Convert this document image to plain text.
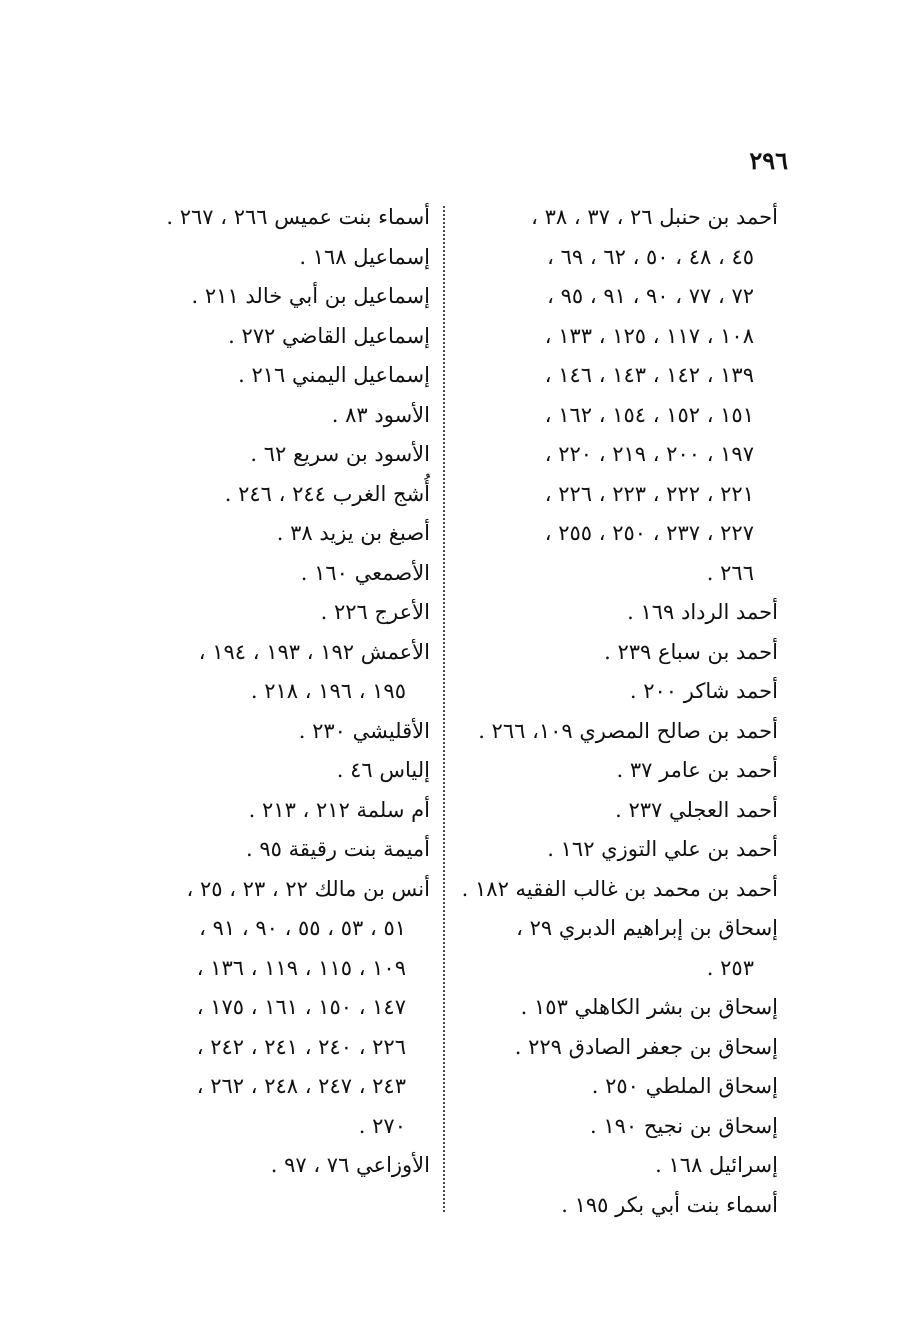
٢٩٦
أحمد بن حنبل ٢٦ ، ٣٧ ، ٣٨ ،
٤٥ ، ٤٨ ، ٥٠ ، ٦٢ ، ٦٩ ،
٧٢ ، ٧٧ ، ٩٠ ، ٩١ ، ٩٥ ،
١٠٨ ، ١١٧ ، ١٢٥ ، ١٣٣ ،
١٣٩ ، ١٤٢ ، ١٤٣ ، ١٤٦ ،
١٥١ ، ١٥٢ ، ١٥٤ ، ١٦٢ ،
١٩٧ ، ٢٠٠ ، ٢١٩ ، ٢٢٠ ،
٢٢١ ، ٢٢٢ ، ٢٢٣ ، ٢٢٦ ،
٢٢٧ ، ٢٣٧ ، ٢٥٠ ، ٢٥٥ ،
٢٦٦ .
أحمد الرداد ١٦٩ .
أحمد بن سباع ٢٣٩ .
أحمد شاكر ٢٠٠ .
أحمد بن صالح المصري ١٠٩، ٢٦٦ .
أحمد بن عامر ٣٧ .
أحمد العجلي ٢٣٧ .
أحمد بن علي التوزي ١٦٢ .
أحمد بن محمد بن غالب الفقيه ١٨٢ .
إسحاق بن إبراهيم الدبري ٢٩ ،
٢٥٣ .
إسحاق بن بشر الكاهلي ١٥٣ .
إسحاق بن جعفر الصادق ٢٢٩ .
إسحاق الملطي ٢٥٠ .
إسحاق بن نجيح ١٩٠ .
إسرائيل ١٦٨ .
أسماء بنت أبي بكر ١٩٥ .
أسماء بنت عميس ٢٦٦ ، ٢٦٧ .
إسماعيل ١٦٨ .
إسماعيل بن أبي خالد ٢١١ .
إسماعيل القاضي ٢٧٢ .
إسماعيل اليمني ٢١٦ .
الأسود ٨٣ .
الأسود بن سريع ٦٢ .
أُشج الغرب ٢٤٤ ، ٢٤٦ .
أصبغ بن يزيد ٣٨ .
الأصمعي ١٦٠ .
الأعرج ٢٢٦ .
الأعمش ١٩٢ ، ١٩٣ ، ١٩٤ ،
١٩٥ ، ١٩٦ ، ٢١٨ .
الأقليشي ٢٣٠ .
إلياس ٤٦ .
أم سلمة ٢١٢ ، ٢١٣ .
أميمة بنت رقيقة ٩٥ .
أنس بن مالك ٢٢ ، ٢٣ ، ٢٥ ،
٥١ ، ٥٣ ، ٥٥ ، ٩٠ ، ٩١ ،
١٠٩ ، ١١٥ ، ١١٩ ، ١٣٦ ،
١٤٧ ، ١٥٠ ، ١٦١ ، ١٧٥ ،
٢٢٦ ، ٢٤٠ ، ٢٤١ ، ٢٤٢ ،
٢٤٣ ، ٢٤٧ ، ٢٤٨ ، ٢٦٢ ،
٢٧٠ .
الأوزاعي ٧٦ ، ٩٧ .
